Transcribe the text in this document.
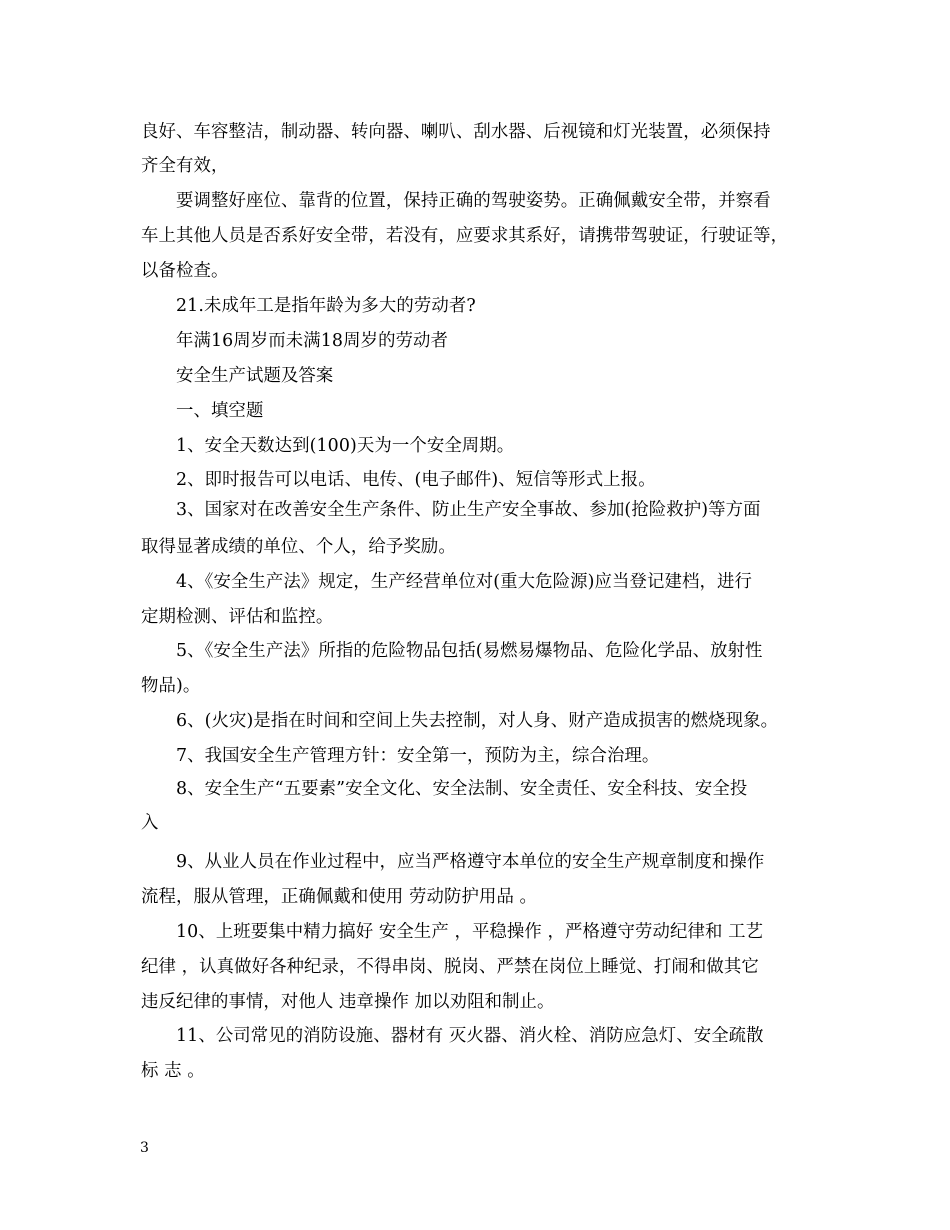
良好、车容整洁，制动器、转向器、喇叭、刮水器、后视镜和灯光装置，必须保持
齐全有效，
要调整好座位、靠背的位置，保持正确的驾驶姿势。正确佩戴安全带，并察看
车上其他人员是否系好安全带，若没有，应要求其系好，请携带驾驶证，行驶证等，
以备检查。
21.未成年工是指年龄为多大的劳动者?
年满16周岁而未满18周岁的劳动者
安全生产试题及答案
一、填空题
1、安全天数达到(100)天为一个安全周期。
2、即时报告可以电话、电传、(电子邮件)、短信等形式上报。
3、国家对在改善安全生产条件、防止生产安全事故、参加(抢险救护)等方面
取得显著成绩的单位、个人，给予奖励。
4、《安全生产法》规定，生产经营单位对(重大危险源)应当登记建档，进行
定期检测、评估和监控。
5、《安全生产法》所指的危险物品包括(易燃易爆物品、危险化学品、放射性
物品)。
6、(火灾)是指在时间和空间上失去控制，对人身、财产造成损害的燃烧现象。
7、我国安全生产管理方针：安全第一，预防为主，综合治理。
8、安全生产“五要素”安全文化、安全法制、安全责任、安全科技、安全投
入
9、从业人员在作业过程中，应当严格遵守本单位的安全生产规章制度和操作
流程，服从管理，正确佩戴和使用 劳动防护用品 。
10、上班要集中精力搞好 安全生产 ，平稳操作 ，严格遵守劳动纪律和 工艺
纪律 ，认真做好各种纪录，不得串岗、脱岗、严禁在岗位上睡觉、打闹和做其它
违反纪律的事情，对他人 违章操作 加以劝阻和制止。
11、公司常见的消防设施、器材有 灭火器、消火栓、消防应急灯、安全疏散
标 志 。
3
